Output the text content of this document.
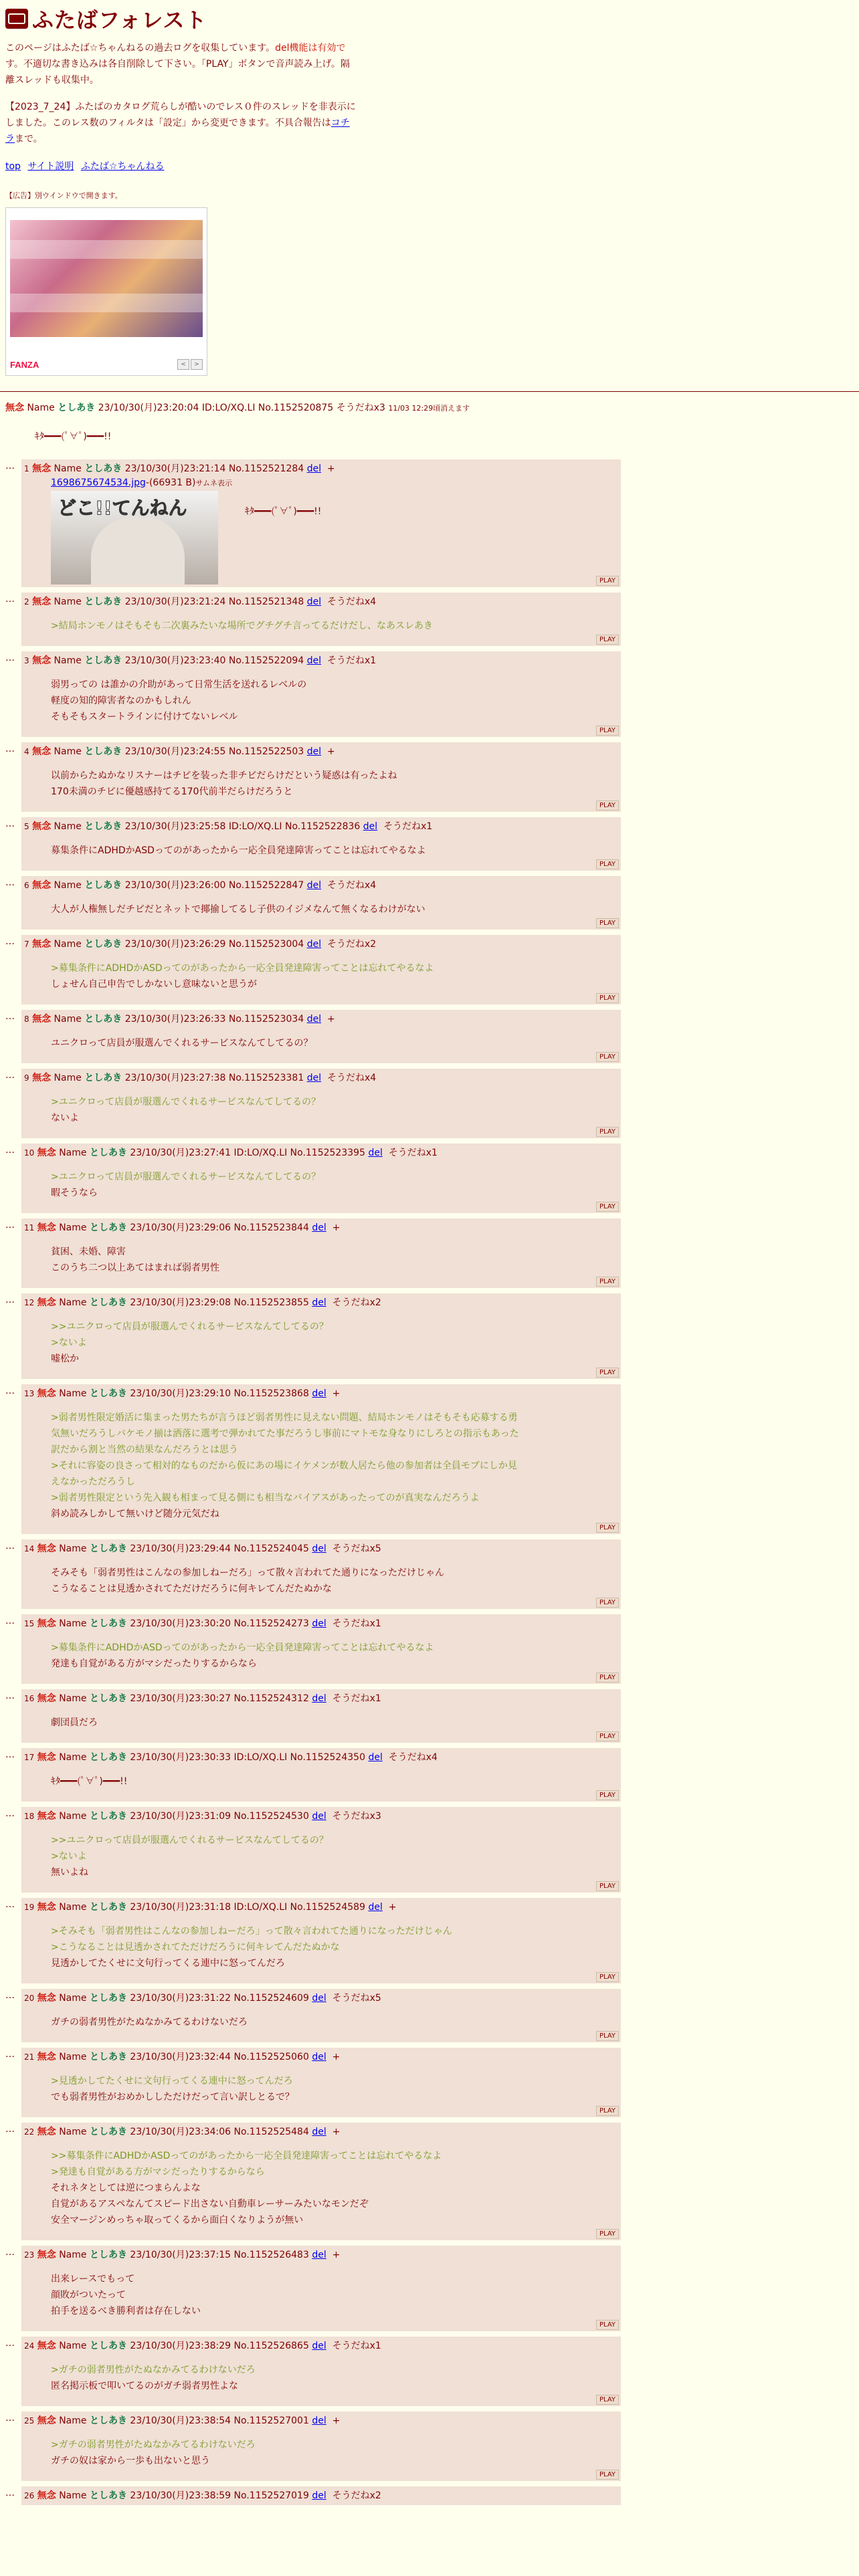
ふたばフォレスト
このページはふたば☆ちゃんねるの過去ログを収集しています。del機能は有効で
す。不適切な書き込みは各自削除して下さい。「PLAY」ボタンで音声読み上げ。隔
離スレッドも収集中。
【2023_7_24】ふたばのカタログ荒らしが酷いのでレス０件のスレッドを非表示に
しました。このレス数のフィルタは「設定」から変更できます。不具合報告はコチ
ラまで。
top サイト説明 ふたば☆ちゃんねる
【広告】別ウインドウで開きます。
FANZA	<	>
無念 Name としあき 23/10/30(月)23:20:04 ID:LO/XQ.LI No.1152520875 そうだねx3 11/03 12:29頃消えます
ｷﾀ━━━(ﾟ∀ﾟ)━━━!!
…	1 無念 Name としあき 23/10/30(月)23:21:14 No.1152521284 del +
1698675674534.jpg-(66931 B)サムネ表示
どこ!!てんねん	ｷﾀ━━━(ﾟ∀ﾟ)━━━!!
PLAY
…	2 無念 Name としあき 23/10/30(月)23:21:24 No.1152521348 del そうだねx4
>結局ホンモノはそもそも二次裏みたいな場所でグチグチ言ってるだけだし、なあスレあき
PLAY
…	3 無念 Name としあき 23/10/30(月)23:23:40 No.1152522094 del そうだねx1
弱男っての は誰かの介助があって日常生活を送れるレベルの
軽度の知的障害者なのかもしれん
そもそもスタートラインに付けてないレベル
PLAY
…	4 無念 Name としあき 23/10/30(月)23:24:55 No.1152522503 del +
以前からたぬかなリスナーはチビを装った非チビだらけだという疑惑は有ったよね
170未満のチビに優越感持てる170代前半だらけだろうと
PLAY
…	5 無念 Name としあき 23/10/30(月)23:25:58 ID:LO/XQ.LI No.1152522836 del そうだねx1
募集条件にADHDかASDってのがあったから一応全員発達障害ってことは忘れてやるなよ
PLAY
…	6 無念 Name としあき 23/10/30(月)23:26:00 No.1152522847 del そうだねx4
大人が人権無しだチビだとネットで揶揄してるし子供のイジメなんて無くなるわけがない
PLAY
…	7 無念 Name としあき 23/10/30(月)23:26:29 No.1152523004 del そうだねx2
>募集条件にADHDかASDってのがあったから一応全員発達障害ってことは忘れてやるなよ
しょせん自己申告でしかないし意味ないと思うが
PLAY
…	8 無念 Name としあき 23/10/30(月)23:26:33 No.1152523034 del +
ユニクロって店員が服選んでくれるサービスなんてしてるの？
PLAY
…	9 無念 Name としあき 23/10/30(月)23:27:38 No.1152523381 del そうだねx4
>ユニクロって店員が服選んでくれるサービスなんてしてるの？
ないよ
PLAY
…	10 無念 Name としあき 23/10/30(月)23:27:41 ID:LO/XQ.LI No.1152523395 del そうだねx1
>ユニクロって店員が服選んでくれるサービスなんてしてるの？
暇そうなら
PLAY
…	11 無念 Name としあき 23/10/30(月)23:29:06 No.1152523844 del +
貧困、未婚、障害
このうち二つ以上あてはまれば弱者男性
PLAY
…	12 無念 Name としあき 23/10/30(月)23:29:08 No.1152523855 del そうだねx2
>>ユニクロって店員が服選んでくれるサービスなんてしてるの？
>ないよ
嘘松か
PLAY
…	13 無念 Name としあき 23/10/30(月)23:29:10 No.1152523868 del +
>弱者男性限定婚活に集まった男たちが言うほど弱者男性に見えない問題、結局ホンモノはそもそも応募する勇
気無いだろうしバケモノ揃は洒落に選考で弾かれてた事だろうし事前にマトモな身なりにしろとの指示もあった
訳だから割と当然の結果なんだろうとは思う
>それに容姿の良さって相対的なものだから仮にあの場にイケメンが数人居たら他の参加者は全員モブにしか見
えなかっただろうし
>弱者男性限定という先入観も相まって見る側にも相当なバイアスがあったってのが真実なんだろうよ
斜め読みしかして無いけど随分元気だね
PLAY
…	14 無念 Name としあき 23/10/30(月)23:29:44 No.1152524045 del そうだねx5
そみそも「弱者男性はこんなの参加しねーだろ」って散々言われてた通りになっただけじゃん
こうなることは見透かされてただけだろうに何キレてんだたぬかな
PLAY
…	15 無念 Name としあき 23/10/30(月)23:30:20 No.1152524273 del そうだねx1
>募集条件にADHDかASDってのがあったから一応全員発達障害ってことは忘れてやるなよ
発達も自覚がある方がマシだったりするからなら
PLAY
…	16 無念 Name としあき 23/10/30(月)23:30:27 No.1152524312 del そうだねx1
劇団員だろ
PLAY
…	17 無念 Name としあき 23/10/30(月)23:30:33 ID:LO/XQ.LI No.1152524350 del そうだねx4
ｷﾀ━━━(ﾟ∀ﾟ)━━━!!
PLAY
…	18 無念 Name としあき 23/10/30(月)23:31:09 No.1152524530 del そうだねx3
>>ユニクロって店員が服選んでくれるサービスなんてしてるの？
>ないよ
無いよね
PLAY
…	19 無念 Name としあき 23/10/30(月)23:31:18 ID:LO/XQ.LI No.1152524589 del +
>そみそも「弱者男性はこんなの参加しねーだろ」って散々言われてた通りになっただけじゃん
>こうなることは見透かされてただけだろうに何キレてんだたぬかな
見透かしてたくせに文句行ってくる連中に怒ってんだろ
PLAY
…	20 無念 Name としあき 23/10/30(月)23:31:22 No.1152524609 del そうだねx5
ガチの弱者男性がたぬなかみてるわけないだろ
PLAY
…	21 無念 Name としあき 23/10/30(月)23:32:44 No.1152525060 del +
>見透かしてたくせに文句行ってくる連中に怒ってんだろ
でも弱者男性がおめかししただけだって言い訳しとるで？
PLAY
…	22 無念 Name としあき 23/10/30(月)23:34:06 No.1152525484 del +
>>募集条件にADHDかASDってのがあったから一応全員発達障害ってことは忘れてやるなよ
>発達も自覚がある方がマシだったりするからなら
それネタとしては逆につまらんよな
自覚があるアスペなんてスピード出さない自動車レーサーみたいなモンだぞ
安全マージンめっちゃ取ってくるから面白くなりようが無い
PLAY
…	23 無念 Name としあき 23/10/30(月)23:37:15 No.1152526483 del +
出来レースでもって
顔敗がついたって
拍手を送るべき勝利者は存在しない
PLAY
…	24 無念 Name としあき 23/10/30(月)23:38:29 No.1152526865 del そうだねx1
>ガチの弱者男性がたぬなかみてるわけないだろ
匿名掲示板で叩いてるのがガチ弱者男性よな
PLAY
…	25 無念 Name としあき 23/10/30(月)23:38:54 No.1152527001 del +
>ガチの弱者男性がたぬなかみてるわけないだろ
ガチの奴は家から一歩も出ないと思う
PLAY
…	26 無念 Name としあき 23/10/30(月)23:38:59 No.1152527019 del そうだねx2
